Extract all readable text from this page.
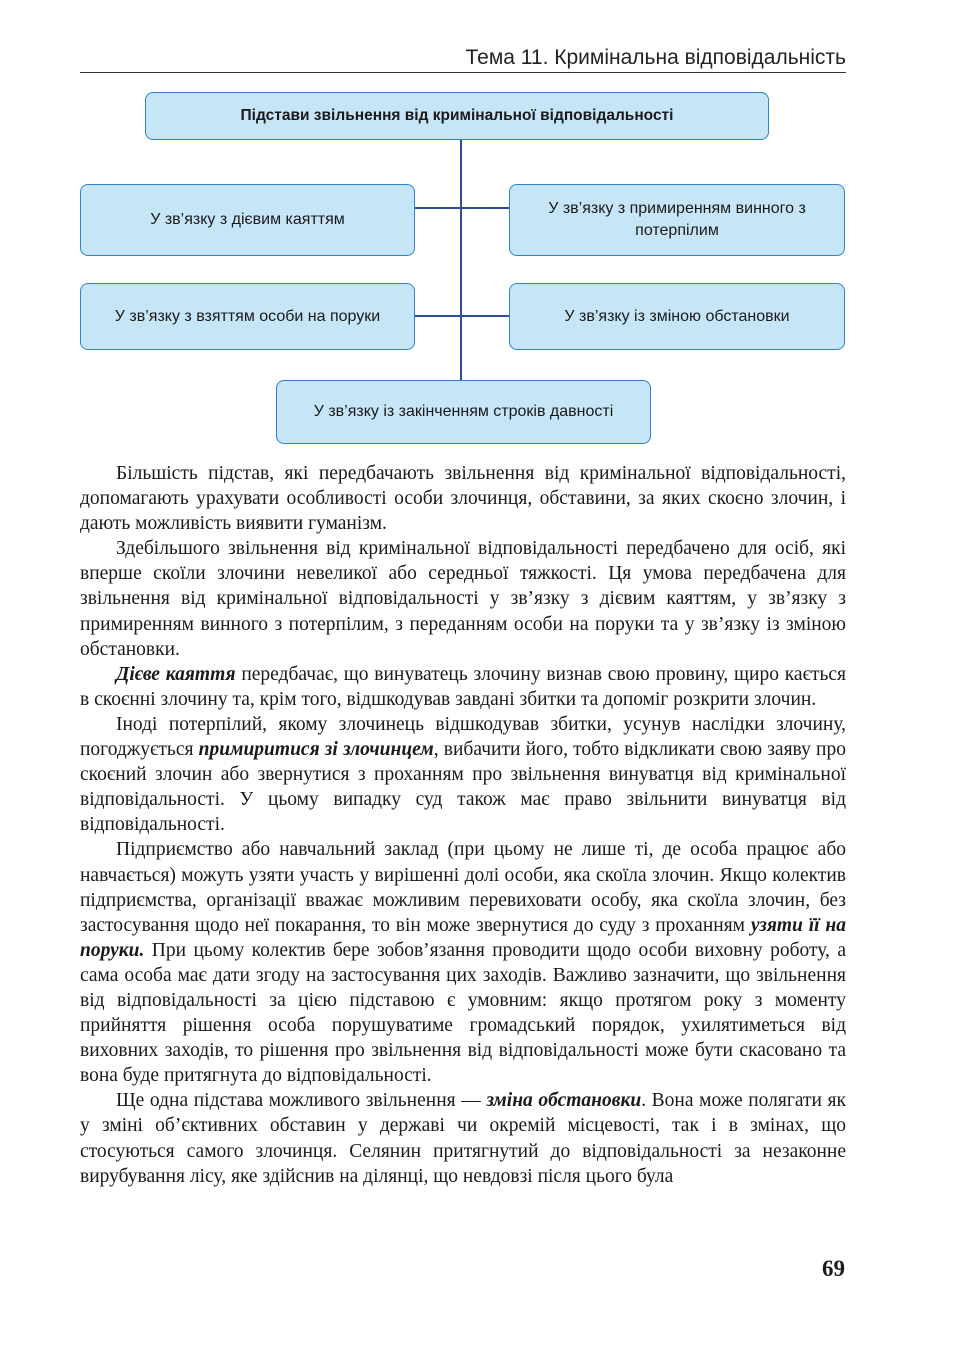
Тема 11. Кримінальна відповідальність
Підстави звільнення від кримінальної відповідальності
У зв’язку з дієвим каяттям
У зв’язку з примиренням винного з потерпілим
У зв’язку з взяттям особи на поруки	У зв’язку із зміною обстановки
У зв’язку із закінченням строків давності

Більшість підстав, які передбачають звільнення від кримінальної відповідальності, допомагають урахувати особливості особи злочинця, обставини, за яких скоєно злочин, і дають можливість виявити гуманізм.

Здебільшого звільнення від кримінальної відповідальності передбачено для осіб, які вперше скоїли злочини невеликої або середньої тяжкості. Ця умова передбачена для звільнення від кримінальної відповідальності у зв’язку з дієвим каяттям, у зв’язку з примиренням винного з потерпілим, з переданням особи на поруки та у зв’язку із зміною обстановки.

Дієве каяття передбачає, що винуватець злочину визнав свою провину, щиро кається в скоєнні злочину та, крім того, відшкодував завдані збитки та допоміг розкрити злочин.

Іноді потерпілий, якому злочинець відшкодував збитки, усунув наслідки злочину, погоджується примиритися зі злочинцем, вибачити його, тобто відкликати свою заяву про скоєний злочин або звернутися з проханням про звільнення винуватця від кримінальної відповідальності. У цьому випадку суд також має право звільнити винуватця від відповідальності.

Підприємство або навчальний заклад (при цьому не лише ті, де особа працює або навчається) можуть узяти участь у вирішенні долі особи, яка скоїла злочин. Якщо колектив підприємства, організації вважає можливим перевиховати особу, яка скоїла злочин, без застосування щодо неї покарання, то він може звернутися до суду з проханням узяти її на поруки. При цьому колектив бере зобов’язання проводити щодо особи виховну роботу, а сама особа має дати згоду на застосування цих заходів. Важливо зазначити, що звільнення від відповідальності за цією підставою є умовним: якщо протягом року з моменту прийняття рішення особа порушуватиме громадський порядок, ухилятиметься від виховних заходів, то рішення про звільнення від відповідальності може бути скасовано та вона буде притягнута до відповідальності.

Ще одна підстава можливого звільнення — зміна обстановки. Вона може полягати як у зміні об’єктивних обставин у державі чи окремій місцевості, так і в змінах, що стосуються самого злочинця. Селянин притягнутий до відповідальності за незаконне вирубування лісу, яке здійснив на ділянці, що невдовзі після цього була

69
